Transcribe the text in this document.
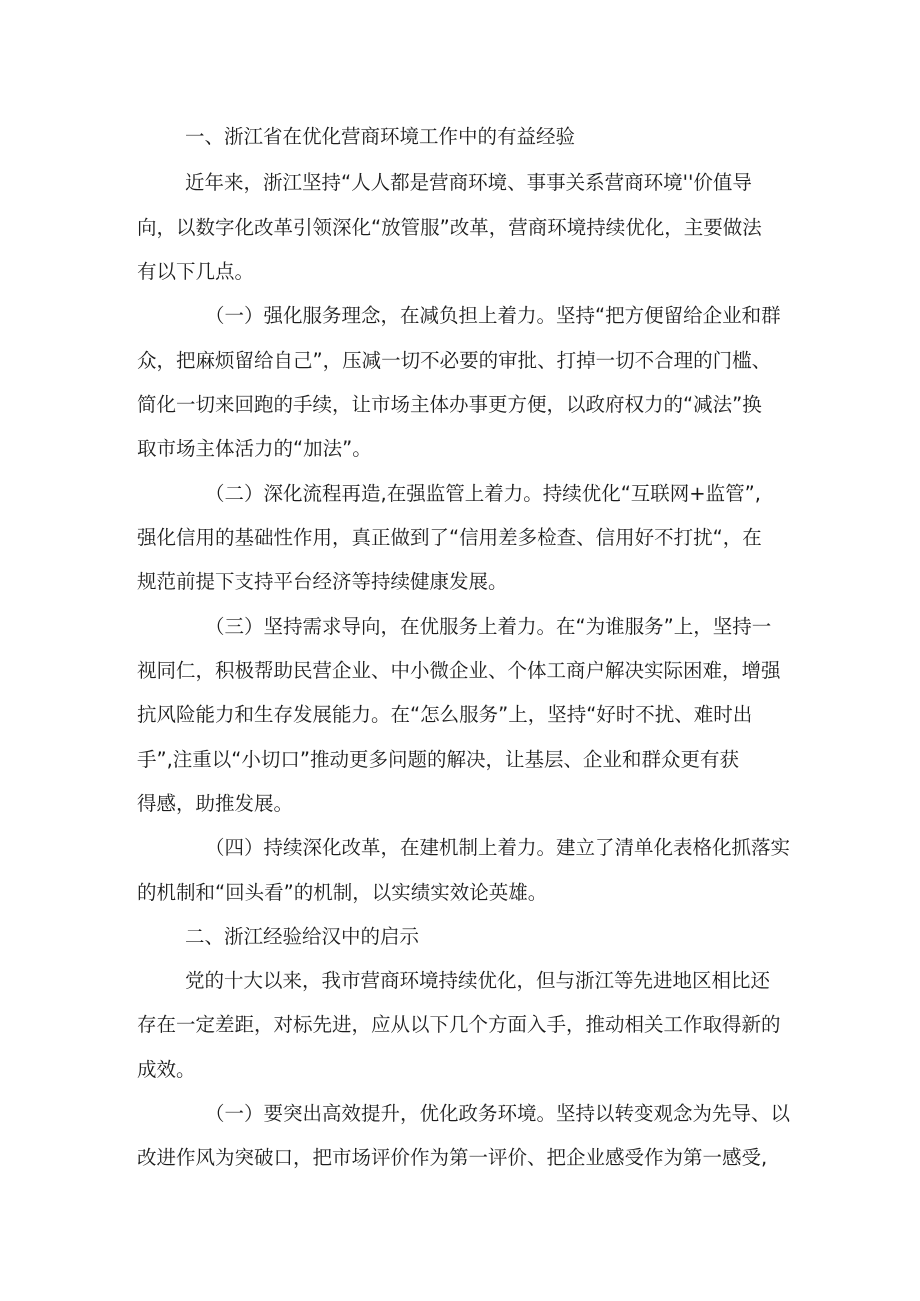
一、浙江省在优化营商环境工作中的有益经验

近年来，浙江坚持“人人都是营商环境、事事关系营商环境''价值导

向，以数字化改革引领深化“放管服”改革，营商环境持续优化，主要做法

有以下几点。

（一）强化服务理念，在减负担上着力。坚持“把方便留给企业和群

众，把麻烦留给自己”，压减一切不必要的审批、打掉一切不合理的门槛、

简化一切来回跑的手续，让市场主体办事更方便，以政府权力的“减法”换

取市场主体活力的“加法”。

（二）深化流程再造,在强监管上着力。持续优化“互联网+监管”,

强化信用的基础性作用，真正做到了“信用差多检查、信用好不打扰“，在

规范前提下支持平台经济等持续健康发展。

（三）坚持需求导向，在优服务上着力。在“为谁服务”上，坚持一

视同仁，积极帮助民营企业、中小微企业、个体工商户解决实际困难，增强

抗风险能力和生存发展能力。在“怎么服务”上，坚持“好时不扰、难时出

手”,注重以“小切口”推动更多问题的解决，让基层、企业和群众更有获

得感，助推发展。

（四）持续深化改革，在建机制上着力。建立了清单化表格化抓落实

的机制和“回头看”的机制，以实绩实效论英雄。

二、浙江经验给汉中的启示

党的十大以来，我市营商环境持续优化，但与浙江等先进地区相比还

存在一定差距，对标先进，应从以下几个方面入手，推动相关工作取得新的

成效。

（一）要突出高效提升，优化政务环境。坚持以转变观念为先导、以

改进作风为突破口，把市场评价作为第一评价、把企业感受作为第一感受,
